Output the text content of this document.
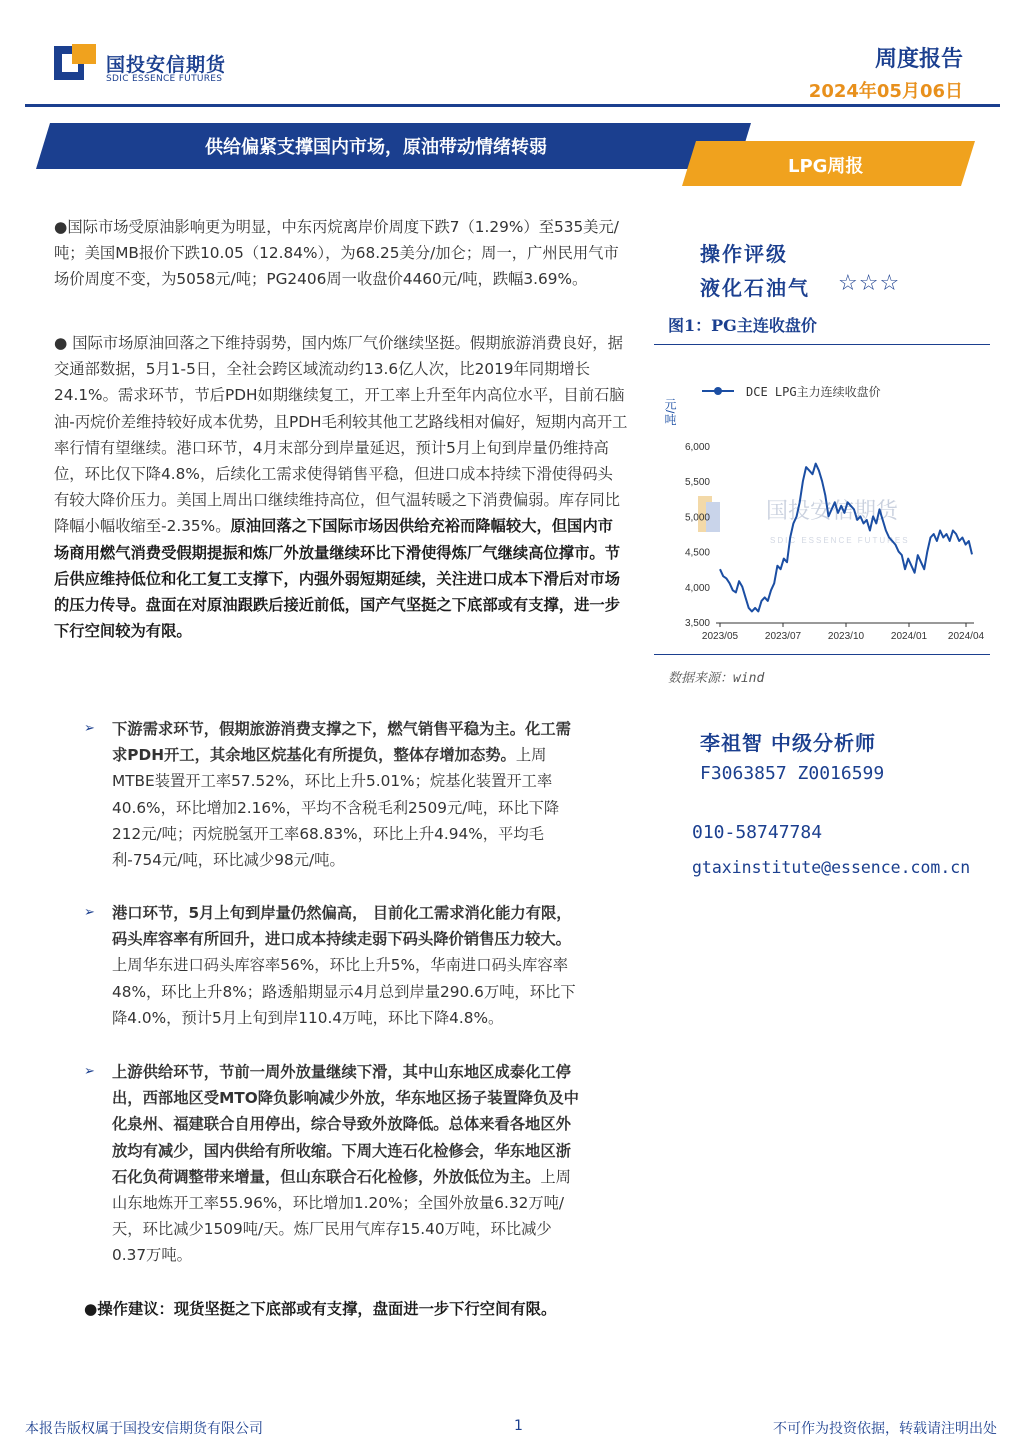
国投安信期货
SDIC ESSENCE FUTURES
周度报告
2024年05月06日
供给偏紧支撑国内市场，原油带动情绪转弱
LPG周报
●国际市场受原油影响更为明显，中东丙烷离岸价周度下跌7（1.29%）至535美元/吨；美国MB报价下跌10.05（12.84%），为68.25美分/加仑；周一，广州民用气市场价周度不变，为5058元/吨；PG2406周一收盘价4460元/吨，跌幅3.69%。
● 国际市场原油回落之下维持弱势，国内炼厂气价继续坚挺。假期旅游消费良好，据交通部数据，5月1-5日，全社会跨区域流动约13.6亿人次，比2019年同期增长24.1%。需求环节，节后PDH如期继续复工，开工率上升至年内高位水平，目前石脑油-丙烷价差维持较好成本优势，且PDH毛利较其他工艺路线相对偏好，短期内高开工率行情有望继续。港口环节，4月末部分到岸量延迟，预计5月上旬到岸量仍维持高位，环比仅下降4.8%，后续化工需求使得销售平稳，但进口成本持续下滑使得码头有较大降价压力。美国上周出口继续维持高位，但气温转暖之下消费偏弱。库存同比降幅小幅收缩至-2.35%。原油回落之下国际市场因供给充裕而降幅较大，但国内市场商用燃气消费受假期提振和炼厂外放量继续环比下滑使得炼厂气继续高位撑市。节后供应维持低位和化工复工支撑下，内强外弱短期延续，关注进口成本下滑后对市场的压力传导。盘面在对原油跟跌后接近前低，国产气坚挺之下底部或有支撑，进一步下行空间较为有限。
➢	下游需求环节，假期旅游消费支撑之下，燃气销售平稳为主。化工需求PDH开工，其余地区烷基化有所提负，整体存增加态势。上周MTBE装置开工率57.52%，环比上升5.01%；烷基化装置开工率40.6%，环比增加2.16%，平均不含税毛利2509元/吨，环比下降212元/吨；丙烷脱氢开工率68.83%，环比上升4.94%，平均毛利-754元/吨，环比减少98元/吨。
➢	港口环节，5月上旬到岸量仍然偏高， 目前化工需求消化能力有限，码头库容率有所回升，进口成本持续走弱下码头降价销售压力较大。上周华东进口码头库容率56%，环比上升5%，华南进口码头库容率48%，环比上升8%；路透船期显示4月总到岸量290.6万吨，环比下降4.0%，预计5月上旬到岸110.4万吨，环比下降4.8%。
➢	上游供给环节，节前一周外放量继续下滑，其中山东地区成泰化工停出，西部地区受MTO降负影响减少外放，华东地区扬子装置降负及中化泉州、福建联合自用停出，综合导致外放降低。总体来看各地区外放均有减少，国内供给有所收缩。下周大连石化检修会，华东地区浙石化负荷调整带来增量，但山东联合石化检修，外放低位为主。上周山东地炼开工率55.96%，环比增加1.20%；全国外放量6.32万吨/天，环比减少1509吨/天。炼厂民用气库存15.40万吨，环比减少0.37万吨。
●操作建议：现货坚挺之下底部或有支撑，盘面进一步下行空间有限。
操作评级
液化石油气 ☆☆☆
图1：PG主连收盘价
国投安信期货
SDIC ESSENCE FUTURES
DCE LPG主力连续收盘价
元/吨
6,000
5,500
5,000
4,500
4,000
3,500
2023/05	2023/07	2023/10	2024/01 2024/04
数据来源：wind
李祖智 中级分析师
F3063857 Z0016599
010-58747784
gtaxinstitute@essence.com.cn
本报告版权属于国投安信期货有限公司	1	不可作为投资依据，转载请注明出处
